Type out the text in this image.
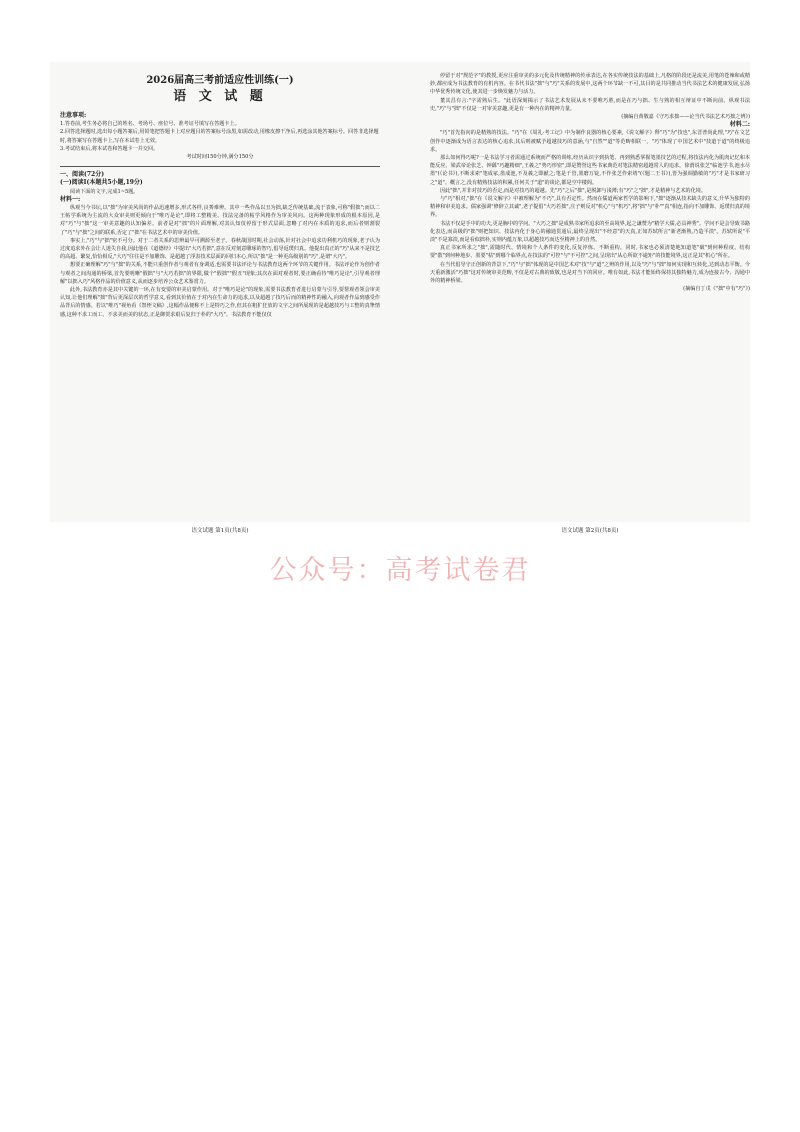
2026届高三考前适应性训练(一)
语 文 试 题
注意事项:

1.答卷前,考生务必将自己的姓名、考场号、座位号、准考证号填写在答题卡上。

2.回答选择题时,选出每小题答案后,用铅笔把答题卡上对应题目的答案标号涂黑,如需改动,用橡皮擦干净后,再选涂其他答案标号。回答非选择题时,将答案写在答题卡上,写在本试卷上无效。

3.考试结束后,将本试卷和答题卡一并交回。

考试时间150分钟,满分150分

一、阅读(72分)
(一)阅读I(本题共5小题,19分)

阅读下面的文字,完成1~5题。

材料一:

纵观当今书坛,以"拙"为审美风尚的作品迅速增多,形式各样,良莠难辨。其中一些作品以丑为拙,缺乏传统基础,流于表象,可称"假拙";而以二王帖学系统为主流的大众审美则更倾向于"唯巧是论",即将工整精美、技法完备的帖学风格作为审美风向。这两种现象形成的根本原因,是对"巧"与"拙"这一审美意趣的认知偏差。前者是对"拙"的片面理解,对其认知仅停留于形式层面,忽略了对内在本质的追求,而后者则割裂了"巧"与"拙"之间的联系,否定了"拙"在书法艺术中的审美价值。

事实上,"巧"与"拙"密不可分。对于二者关系的思辨最早可溯源至老子。春秋战国时期,社会动荡,针对社会中追求功利机巧的现象,老子认为过度追求外在会让人迷失自我,因此他在《道德经》中提出"大巧若拙",意在反对刻意雕琢的智巧,倡导返璞归真。他提出真正的"巧"从来不是技艺的高超、繁复,恰恰相反,"大巧"往往是不加雕饰、是超越了浮表技术层面的回归本心,所以"拙"是一种更高级别的"巧",是谓"大巧"。

想要正确理解"巧"与"拙"的关系,不能只重创作者与观者有身调适,也需要书法评论与书法教育这两个环节的关键作用。书法评论作为创作者与观者之间沟通的桥梁,首先要明晰"假拙"与"大巧若拙"的界限,做个"假拙""假丑"现象;其次在面对观者时,要正确看待"唯巧是论",引导观者理解"以拙入巧"风格作品的价值意义,从而逐步培养公众艺术鉴赏力。

此外,书法教育亦是其中关键的一环,在有变要的审美启蒙作用。对于"唯巧是论"的现象,需要书法教育者进行启蒙与引导,要帮观者领会审美认知,让他们理解"拙"背后更深层次的哲学意义,看到其价值在于对内在生命力的追求,以及超越了技巧后而的精神性的融入,向观者作品到感受作品背后的情感。若以"唯巧"视角看《祭侄文稿》,这幅作品便称不上是特巧之作,但其在粗犷狂放的文字之间所展现的是超越技巧与工整的真挚情感,这种不求工而工、不求美而美的状态,正是御贺求艰后复归于朴的"大巧"。书法教育不能仅仅

停留于对"规范字"的教授,更应注重审美的多元化及传统精神的传承表达,在各实传统技法的基础上,凡格的阶段还是流美,用笔的苍辣和或精妙,都应成为书法教育的有机内容。在书代书法"拙"与"巧"关系的发展中,这两个环节缺一不可,其目的是共同推动当代书法艺术的健康发展,弘扬中华优秀传统文化,使其进一步焕发魅力与活力。

董其昌有言:"字需熟后生。"此语深刻揭示了书法艺术发展从未不要唯巧胜,而是在巧与拙、生与熟的相互辩证中不断向前。纵观书法史,"巧"与"拙"不仅是一对审美意趣,更是有一种内在的精神力量。

(摘编自黄敬嘉《守巧求拙——论当代书法艺术巧拙之辨》)

材料二:

"巧"首先指向的是精熟的技法。"巧"在《周礼·考工记》中为制作良器的核心要素,《说文解字》释"巧"为"技也",东晋普尚此理,"巧"在文艺创作中逐渐成为语言表达的核心追求,其后则被赋予超越技巧的意涵,与"自然""道"等范畴相联一。"巧"体现了中国艺术中"技道于道"的终极追求。

那么如何得巧呢?一是书法学习者需通过系统而严格的训练,经历从识字到执笔、再到熟悉掌握笔墨技艺的过程,将技法内化为肌肉记忆和本能反应。梁武帝论张芝、钟繇"巧趣精细",王羲之"势巧形密",即是赞誉这些书家典范对笔法精密超越常人的追求。徐渭说张芝"临池学书,池水尽墨"(《论书》),不断求索"笔成冢,墨成池,不及羲之即献之;笔是千管,墨磨万锭,不作张芝作索靖"(《题二王书》),皆为强调勤敏的"巧"才是书家研习之"道"。概言之,没有精熟技法的积累,任何关于"道"的谈论,都是空中楼阁。

因此"拙",并非对技巧的否定,而是对技巧的超越。先"巧"之后"拙",是脱卸与浅薄;有"巧"之"拙",才是精神与艺术的化境。

与"巧"相对,"拙"在《说文解字》中被理解为"不巧",具有否定性。然而在儒道两家哲学的影响下,"拙"逐渐从技术缺失的意义,升华为独特的精神和审美追求。儒家强调"修辞立其诚",老子提倡"大巧若拙",庄子则反对"机心"与"机巧",将"拙"与"朴""真"相连,指向不加雕饰、返璞归真的境界。

书法不仅是手中的功夫,更是胸中的学问。"大巧之拙"是成熟书家所追求的至高境界,起之谦赞为"精学大儒,必具神秀"。学问不是会导致书路化表达,而高级的"拙"则把知识、技法内化于身心的融通贯通后,最终呈现出"不经意"的天真,正如苏轼所言"新老渐熟,乃造平淡"。苏轼所说"平淡"不是寡淡,而是看似拙朴,实则内蕴万象,以超越技巧而达至精神上的自然。

真正书家所求之"拙",需随时代、情境和个人条件的变化,反复淬炼、不断重构。同时,书家也必须清楚地知道笔"破"到何种程度、结构要"散"到何种地步、墨要"枯"到哪个临界点,在技法的"可控"与"不可控"之间,呈现出"从心所欲不逾矩"的技能境界,这正是其"机心"所在。

在当代倡导守正创新的背景下,"巧"与"拙"体现的是中国艺术对"技"与"道"之辨的作用,以及"巧"与"拙"如何实现和互转化,达到动态平衡。今天重新激活"巧拙"这对传统审美范畴,不仅是对古典的致敬,也是对当下的回应。唯有如此,书法才能始终保持其独特魅力,成为连接古今、沟通中外的精神桥梁。

(摘编自丁戊《"拙"中有"巧"》)

语文试题 第1页(共8页)	语文试题 第2页(共8页)
公众号：高考试卷君
